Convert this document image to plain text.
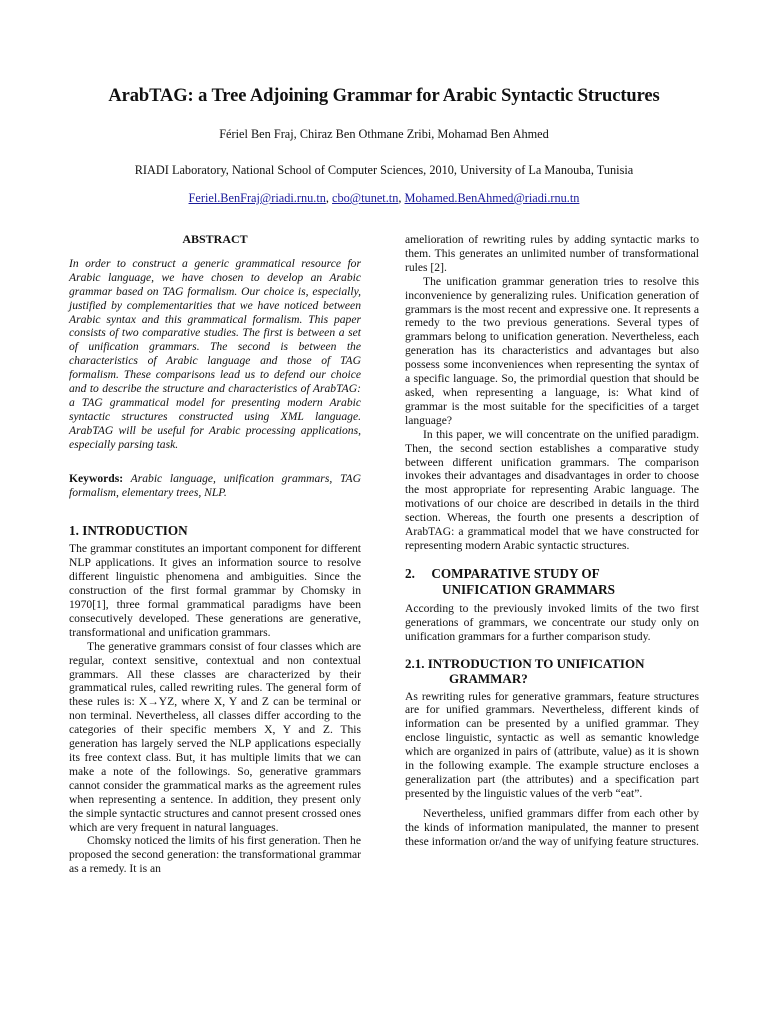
ArabTAG: a Tree Adjoining Grammar for Arabic Syntactic Structures
Fériel Ben Fraj, Chiraz Ben Othmane Zribi, Mohamad Ben Ahmed
RIADI Laboratory, National School of Computer Sciences, 2010, University of La Manouba, Tunisia
Feriel.BenFraj@riadi.rnu.tn, cbo@tunet.tn, Mohamed.BenAhmed@riadi.rnu.tn
ABSTRACT

In order to construct a generic grammatical resource for Arabic language, we have chosen to develop an Arabic grammar based on TAG formalism. Our choice is, especially, justified by complementarities that we have noticed between Arabic syntax and this grammatical formalism. This paper consists of two comparative studies. The first is between a set of unification grammars. The second is between the characteristics of Arabic language and those of TAG formalism. These comparisons lead us to defend our choice and to describe the structure and characteristics of ArabTAG: a TAG grammatical model for presenting modern Arabic syntactic structures constructed using XML language. ArabTAG will be useful for Arabic processing applications, especially parsing task.

Keywords: Arabic language, unification grammars, TAG formalism, elementary trees, NLP.

1. INTRODUCTION

The grammar constitutes an important component for different NLP applications. It gives an information source to resolve different linguistic phenomena and ambiguities. Since the construction of the first formal grammar by Chomsky in 1970[1], three formal grammatical paradigms have been consecutively developed. These generations are generative, transformational and unification grammars.

The generative grammars consist of four classes which are regular, context sensitive, contextual and non contextual grammars. All these classes are characterized by their grammatical rules, called rewriting rules. The general form of these rules is: X→YZ, where X, Y and Z can be terminal or non terminal. Nevertheless, all classes differ according to the categories of their specific members X, Y and Z. This generation has largely served the NLP applications especially its free context class. But, it has multiple limits that we can make a note of the followings. So, generative grammars cannot consider the grammatical marks as the agreement rules when representing a sentence. In addition, they present only the simple syntactic structures and cannot present crossed ones which are very frequent in natural languages.

Chomsky noticed the limits of his first generation. Then he proposed the second generation: the transformational grammar as a remedy. It is an

amelioration of rewriting rules by adding syntactic marks to them. This generates an unlimited number of transformational rules [2].

The unification grammar generation tries to resolve this inconvenience by generalizing rules. Unification generation of grammars is the most recent and expressive one. It represents a remedy to the two previous generations. Several types of grammars belong to unification generation. Nevertheless, each generation has its characteristics and advantages but also possess some inconveniences when representing the syntax of a specific language. So, the primordial question that should be asked, when representing a language, is: What kind of grammar is the most suitable for the specificities of a target language?

In this paper, we will concentrate on the unified paradigm. Then, the second section establishes a comparative study between different unification grammars. The comparison invokes their advantages and disadvantages in order to choose the most appropriate for representing Arabic language. The motivations of our choice are described in details in the third section. Whereas, the fourth one presents a description of ArabTAG: a grammatical model that we have constructed for representing modern Arabic syntactic structures.

2. COMPARATIVE STUDY OF
UNIFICATION GRAMMARS

According to the previously invoked limits of the two first generations of grammars, we concentrate our study only on unification grammars for a further comparison study.

2.1. INTRODUCTION TO UNIFICATION
GRAMMAR?

As rewriting rules for generative grammars, feature structures are for unified grammars. Nevertheless, different kinds of information can be presented by a unified grammar. They enclose linguistic, syntactic as well as semantic knowledge which are organized in pairs of (attribute, value) as it is shown in the following example. The example structure encloses a generalization part (the attributes) and a specification part presented by the linguistic values of the verb “eat”.

Nevertheless, unified grammars differ from each other by the kinds of information manipulated, the manner to present these information or/and the way of unifying feature structures.
